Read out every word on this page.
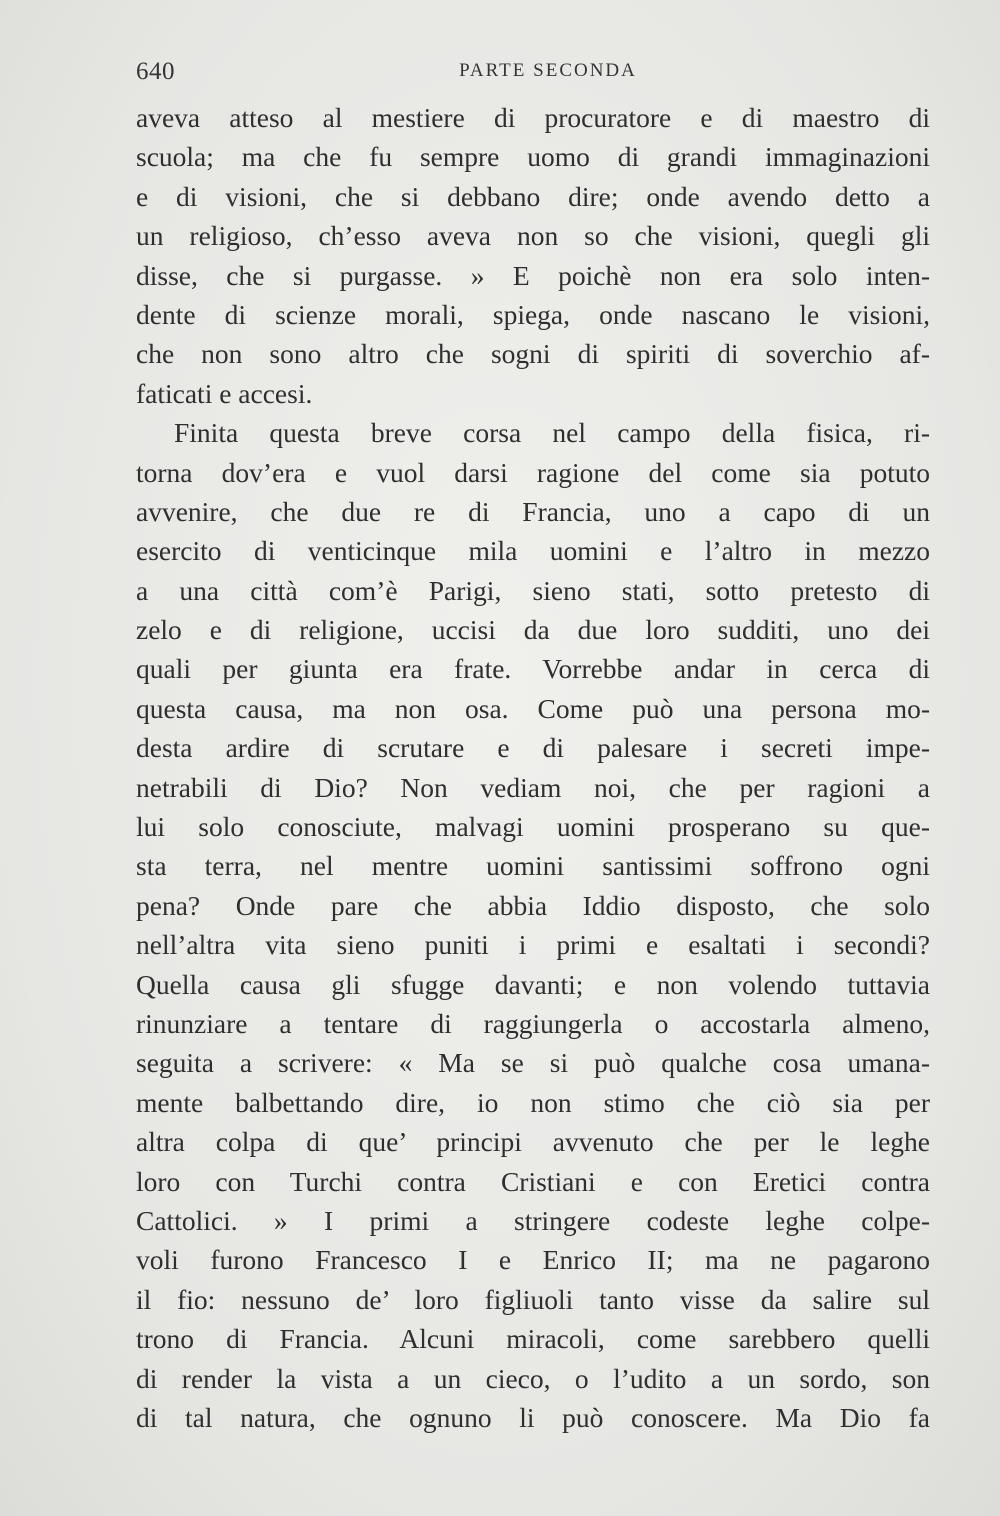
640	PARTE SECONDA
aveva atteso al mestiere di procuratore e di maestro di
scuola; ma che fu sempre uomo di grandi immaginazioni
e di visioni, che si debbano dire; onde avendo detto a
un religioso, ch’esso aveva non so che visioni, quegli gli
disse, che si purgasse. » E poichè non era solo inten-
dente di scienze morali, spiega, onde nascano le visioni,
che non sono altro che sogni di spiriti di soverchio af-
faticati e accesi.
Finita questa breve corsa nel campo della fisica, ri-
torna dov’era e vuol darsi ragione del come sia potuto
avvenire, che due re di Francia, uno a capo di un
esercito di venticinque mila uomini e l’altro in mezzo
a una città com’è Parigi, sieno stati, sotto pretesto di
zelo e di religione, uccisi da due loro sudditi, uno dei
quali per giunta era frate. Vorrebbe andar in cerca di
questa causa, ma non osa. Come può una persona mo-
desta ardire di scrutare e di palesare i secreti impe-
netrabili di Dio? Non vediam noi, che per ragioni a
lui solo conosciute, malvagi uomini prosperano su que-
sta terra, nel mentre uomini santissimi soffrono ogni
pena? Onde pare che abbia Iddio disposto, che solo
nell’altra vita sieno puniti i primi e esaltati i secondi?
Quella causa gli sfugge davanti; e non volendo tuttavia
rinunziare a tentare di raggiungerla o accostarla almeno,
seguita a scrivere: « Ma se si può qualche cosa umana-
mente balbettando dire, io non stimo che ciò sia per
altra colpa di que’ principi avvenuto che per le leghe
loro con Turchi contra Cristiani e con Eretici contra
Cattolici. » I primi a stringere codeste leghe colpe-
voli furono Francesco I e Enrico II; ma ne pagarono
il fio: nessuno de’ loro figliuoli tanto visse da salire sul
trono di Francia. Alcuni miracoli, come sarebbero quelli
di render la vista a un cieco, o l’udito a un sordo, son
di tal natura, che ognuno li può conoscere. Ma Dio fa
